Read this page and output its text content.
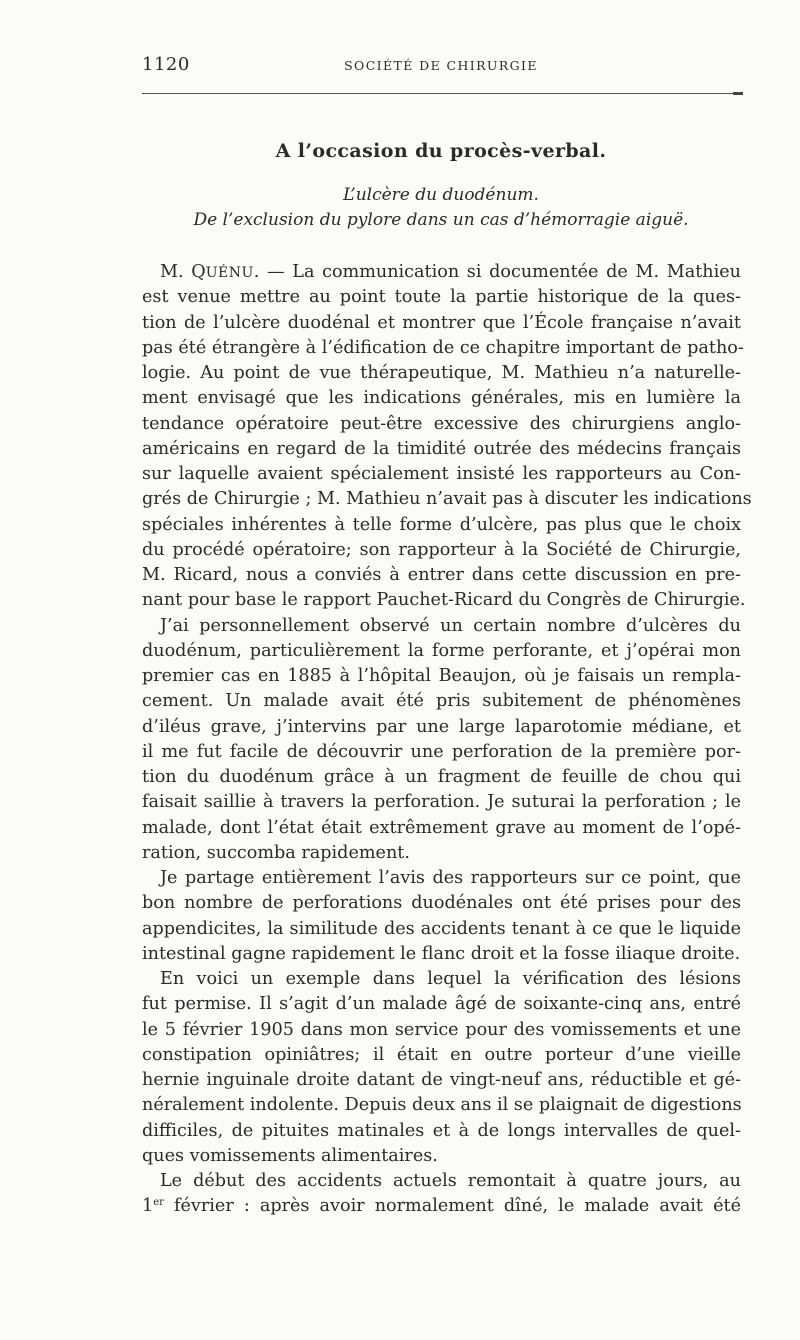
1120	SOCIÉTÉ DE CHIRURGIE
A l’occasion du procès-verbal.
L’ulcère du duodénum.
De l’exclusion du pylore dans un cas d’hémorragie aiguë.
M. QUÉNU. — La communication si documentée de M. Mathieu
est venue mettre au point toute la partie historique de la ques-
tion de l’ulcère duodénal et montrer que l’École française n’avait
pas été étrangère à l’édification de ce chapitre important de patho-
logie. Au point de vue thérapeutique, M. Mathieu n’a naturelle-
ment envisagé que les indications générales, mis en lumière la
tendance opératoire peut-être excessive des chirurgiens anglo-
américains en regard de la timidité outrée des médecins français
sur laquelle avaient spécialement insisté les rapporteurs au Con-
grés de Chirurgie ; M. Mathieu n’avait pas à discuter les indications
spéciales inhérentes à telle forme d’ulcère, pas plus que le choix
du procédé opératoire; son rapporteur à la Société de Chirurgie,
M. Ricard, nous a conviés à entrer dans cette discussion en pre-
nant pour base le rapport Pauchet-Ricard du Congrès de Chirurgie.
J’ai personnellement observé un certain nombre d’ulcères du
duodénum, particulièrement la forme perforante, et j’opérai mon
premier cas en 1885 à l’hôpital Beaujon, où je faisais un rempla-
cement. Un malade avait été pris subitement de phénomènes
d’iléus grave, j’intervins par une large laparotomie médiane, et
il me fut facile de découvrir une perforation de la première por-
tion du duodénum grâce à un fragment de feuille de chou qui
faisait saillie à travers la perforation. Je suturai la perforation ; le
malade, dont l’état était extrêmement grave au moment de l’opé-
ration, succomba rapidement.
Je partage entièrement l’avis des rapporteurs sur ce point, que
bon nombre de perforations duodénales ont été prises pour des
appendicites, la similitude des accidents tenant à ce que le liquide
intestinal gagne rapidement le flanc droit et la fosse iliaque droite.
En voici un exemple dans lequel la vérification des lésions
fut permise. Il s’agit d’un malade âgé de soixante-cinq ans, entré
le 5 février 1905 dans mon service pour des vomissements et une
constipation opiniâtres; il était en outre porteur d’une vieille
hernie inguinale droite datant de vingt-neuf ans, réductible et gé-
néralement indolente. Depuis deux ans il se plaignait de digestions
difficiles, de pituites matinales et à de longs intervalles de quel-
ques vomissements alimentaires.
Le début des accidents actuels remontait à quatre jours, au
1er février : après avoir normalement dîné, le malade avait été
